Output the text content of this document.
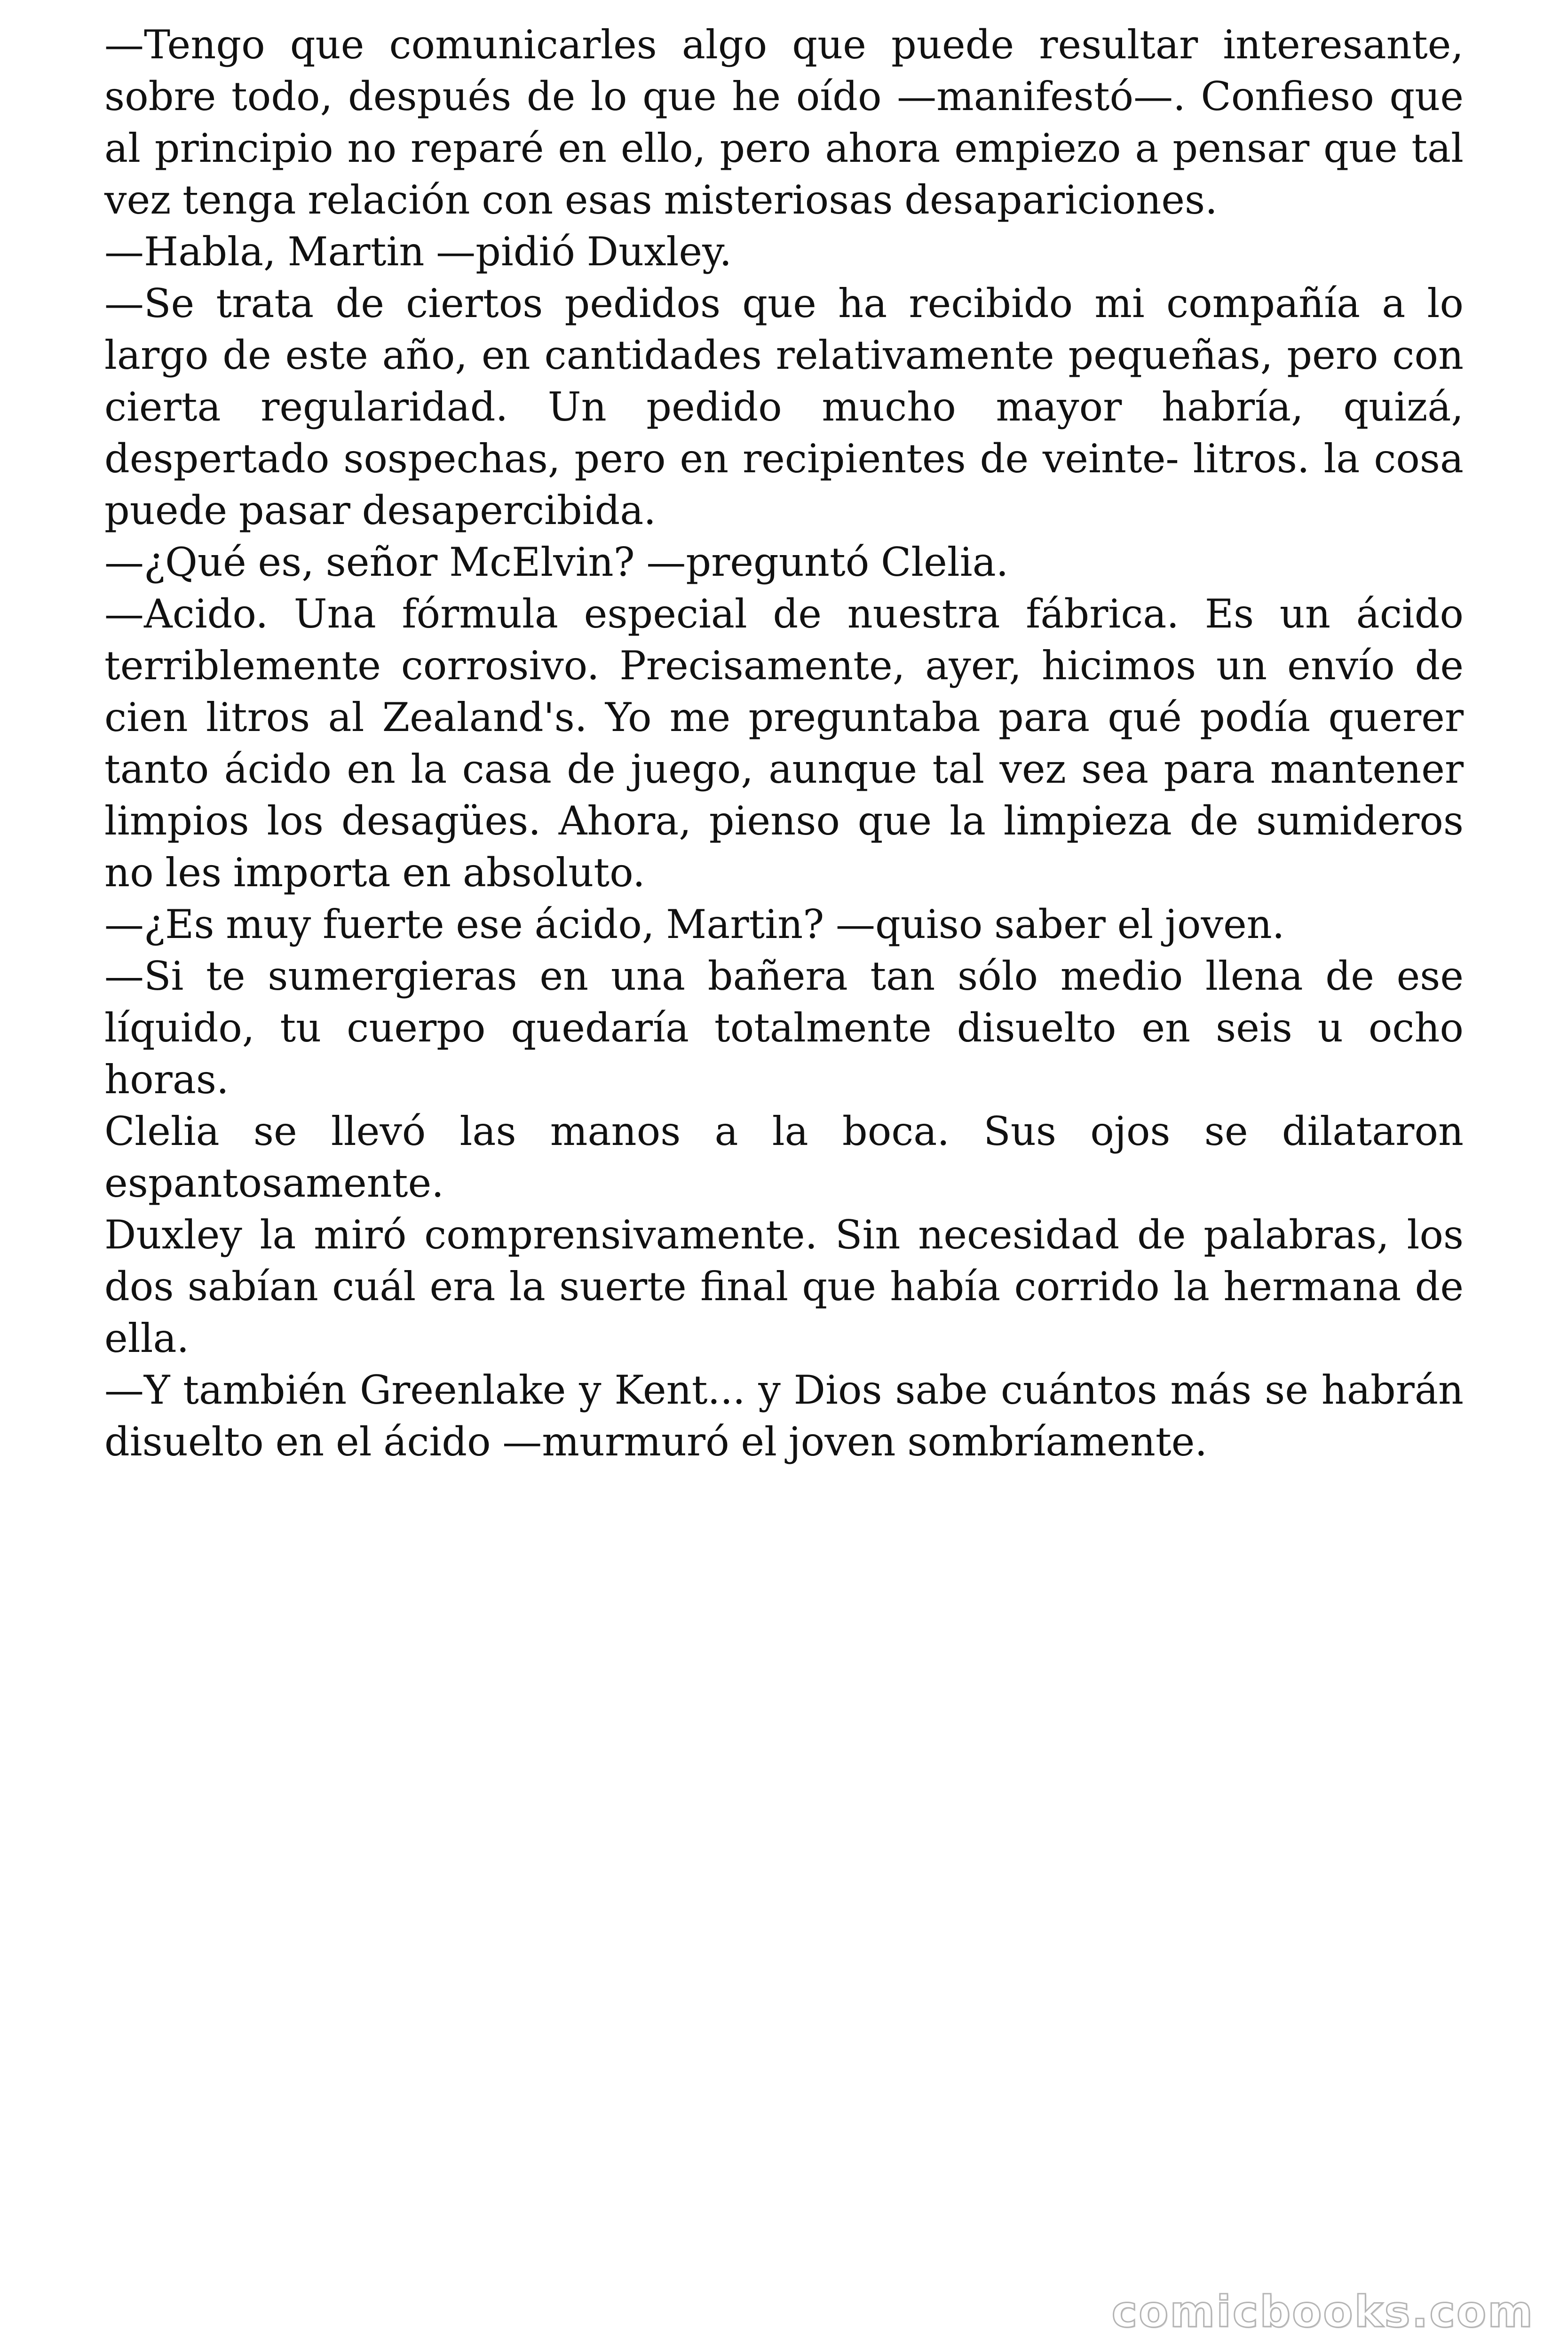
—Tengo que comunicarles algo que puede resultar interesante, sobre todo, después de lo que he oído —manifestó—. Confieso que al principio no reparé en ello, pero ahora empiezo a pensar que tal vez tenga relación con esas misteriosas desapariciones.

—Habla, Martin —pidió Duxley.

—Se trata de ciertos pedidos que ha recibido mi compañía a lo largo de este año, en cantidades relativamente pequeñas, pero con cierta regularidad. Un pedido mucho mayor habría, quizá, despertado sospechas, pero en recipientes de veinte- litros. la cosa puede pasar desapercibida.

—¿Qué es, señor McElvin? —preguntó Clelia.

—Acido. Una fórmula especial de nuestra fábrica. Es un ácido terriblemente corrosivo. Precisamente, ayer, hicimos un envío de cien litros al Zealand's. Yo me preguntaba para qué podía querer tanto ácido en la casa de juego, aunque tal vez sea para mantener limpios los desagües. Ahora, pienso que la limpieza de sumideros no les importa en absoluto.

—¿Es muy fuerte ese ácido, Martin? —quiso saber el joven.

—Si te sumergieras en una bañera tan sólo medio llena de ese líquido, tu cuerpo quedaría totalmente disuelto en seis u ocho horas.

Clelia se llevó las manos a la boca. Sus ojos se dilataron espantosamente.

Duxley la miró comprensivamente. Sin necesidad de palabras, los dos sabían cuál era la suerte final que había corrido la hermana de ella.

—Y también Greenlake y Kent... y Dios sabe cuántos más se habrán disuelto en el ácido —murmuró el joven sombríamente.

comicbooks.com
